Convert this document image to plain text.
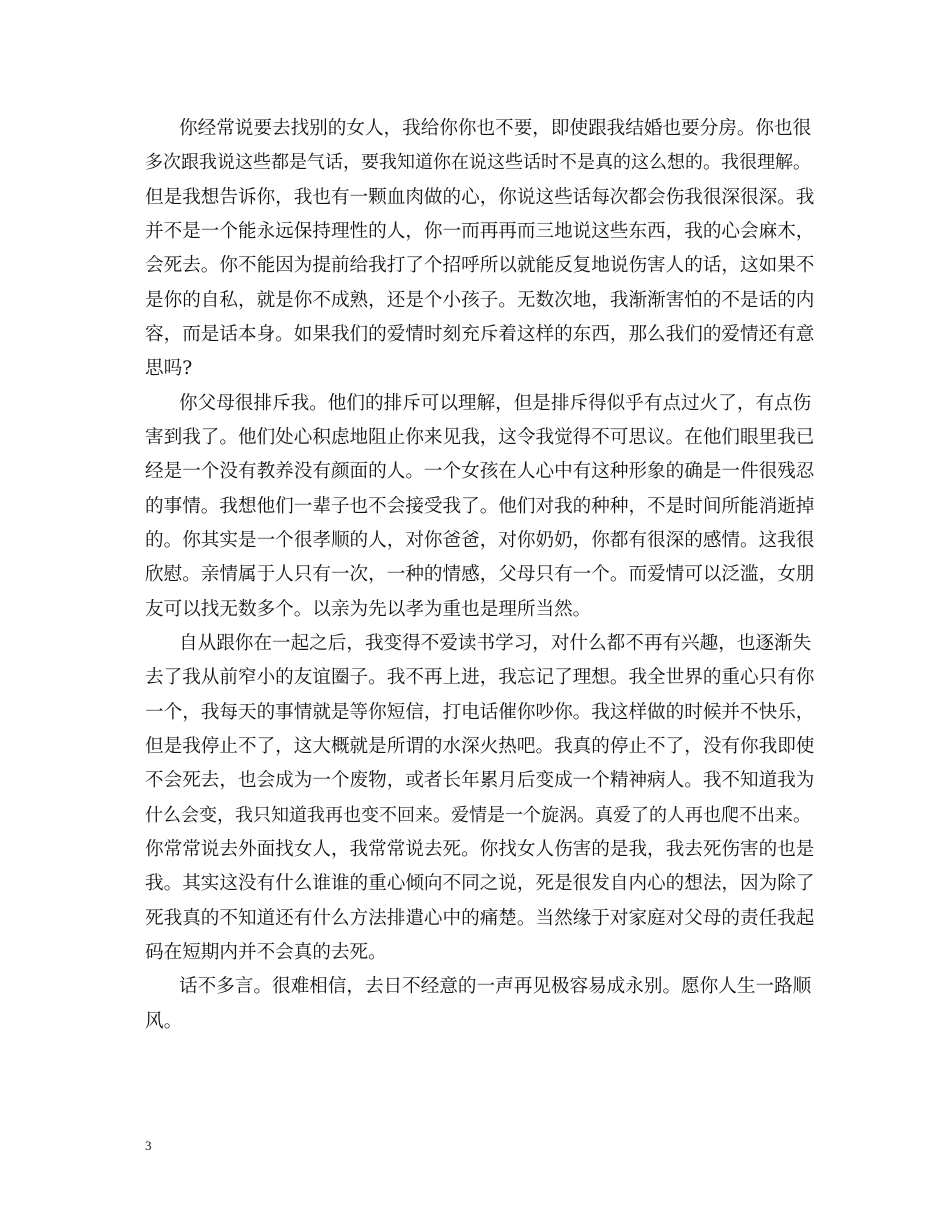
你经常说要去找别的女人，我给你你也不要，即使跟我结婚也要分房。你也很
多次跟我说这些都是气话，要我知道你在说这些话时不是真的这么想的。我很理解。
但是我想告诉你，我也有一颗血肉做的心，你说这些话每次都会伤我很深很深。我
并不是一个能永远保持理性的人，你一而再再而三地说这些东西，我的心会麻木，
会死去。你不能因为提前给我打了个招呼所以就能反复地说伤害人的话，这如果不
是你的自私，就是你不成熟，还是个小孩子。无数次地，我渐渐害怕的不是话的内
容，而是话本身。如果我们的爱情时刻充斥着这样的东西，那么我们的爱情还有意
思吗?
你父母很排斥我。他们的排斥可以理解，但是排斥得似乎有点过火了，有点伤
害到我了。他们处心积虑地阻止你来见我，这令我觉得不可思议。在他们眼里我已
经是一个没有教养没有颜面的人。一个女孩在人心中有这种形象的确是一件很残忍
的事情。我想他们一辈子也不会接受我了。他们对我的种种，不是时间所能消逝掉
的。你其实是一个很孝顺的人，对你爸爸，对你奶奶，你都有很深的感情。这我很
欣慰。亲情属于人只有一次，一种的情感，父母只有一个。而爱情可以泛滥，女朋
友可以找无数多个。以亲为先以孝为重也是理所当然。
自从跟你在一起之后，我变得不爱读书学习，对什么都不再有兴趣，也逐渐失
去了我从前窄小的友谊圈子。我不再上进，我忘记了理想。我全世界的重心只有你
一个，我每天的事情就是等你短信，打电话催你吵你。我这样做的时候并不快乐，
但是我停止不了，这大概就是所谓的水深火热吧。我真的停止不了，没有你我即使
不会死去，也会成为一个废物，或者长年累月后变成一个精神病人。我不知道我为
什么会变，我只知道我再也变不回来。爱情是一个旋涡。真爱了的人再也爬不出来。
你常常说去外面找女人，我常常说去死。你找女人伤害的是我，我去死伤害的也是
我。其实这没有什么谁谁的重心倾向不同之说，死是很发自内心的想法，因为除了
死我真的不知道还有什么方法排遣心中的痛楚。当然缘于对家庭对父母的责任我起
码在短期内并不会真的去死。
话不多言。很难相信，去日不经意的一声再见极容易成永别。愿你人生一路顺
风。
3
